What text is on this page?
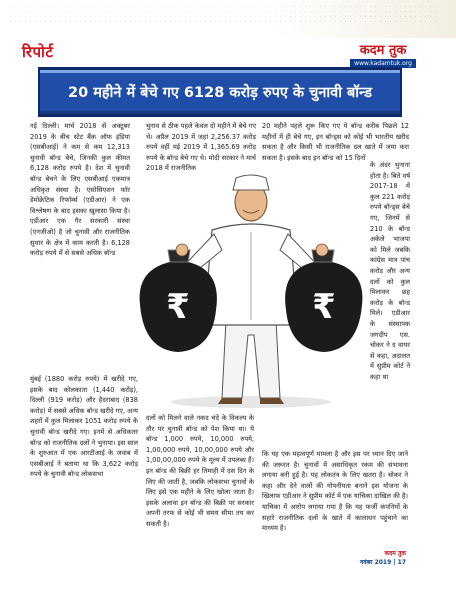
रिपोर्ट	कदम तुक
www.kadamtuk.org
20 महीने में बेचे गए 6128 करोड़ रुपए के चुनावी बॉन्ड

नई दिल्ली। मार्च 2018 से अक्टूबर 2019 के बीच स्टेट बैंक ऑफ इंडिया (एसबीआई) ने कम से कम 12,313 चुनावी बॉन्ड बेचे, जिनकी कुल कीमत 6,128 करोड़ रुपये है। देश में चुनावी बॉन्ड बेचने के लिए एसबीआई एकमात्र अधिकृत संस्था है। एसोसिएशन फॉर डेमोक्रेटिक रिफॉर्म्स (एडीआर) ने एक विश्लेषण के बाद इसका खुलासा किया है। एडीआर एक गैर सरकारी संस्था (एनजीओ) है जो चुनावी और राजनीतिक सुधार के क्षेत्र में काम करती है। 6,128 करोड़ रुपये में से सबसे अधिक बॉन्ड

मुंबई (1880 करोड़ रुपये) में खरीदे गए, इसके बाद कोलकाता (1,440 करोड़), दिल्ली (919 करोड़) और हैदराबाद (838 करोड़) में सबसे अधिक बॉन्ड खरीदे गए, अन्य शहरों में कुल मिलाकर 1051 करोड़ रुपये के चुनावी बॉन्ड खरीदे गए। इनमें से अधिकतर बॉन्ड को राजनीतिक दलों ने भुनाया। इस साल के शुरुआत में एक आरटीआई के जवाब में एसबीआई ने बताया था कि 3,622 करोड़ रुपये के चुनावी बॉन्ड लोकसभा

चुनाव से ठीक पहले केवल दो महीने में बेचे गए थे। अप्रैल 2019 में जहां 2,256.37 करोड़ रुपये वहीं मई 2019 में 1,365.69 करोड़ रुपये के बॉन्ड बेचे गए थे। मोदी सरकार ने मार्च 2018 में राजनीतिक

दलों को मिलने वाले नकद चंदे के विकल्प के तौर पर चुनावी बॉन्ड को पेश किया था। ये बॉन्ड 1,000 रुपये, 10,000 रुपये, 1,00,000 रुपये, 10,00,000 रुपये और 1,00,00,000 रुपये के मूल्य में उपलब्ध हैं। इन बॉन्ड की बिक्री हर तिमाही में दस दिन के लिए की जाती है, जबकि लोकसभा चुनावों के लिए इसे एक महीने के लिए खोला जाता है। इसके अलावा इन बॉन्ड की बिक्री पर सरकार अपनी तरफ से कोई भी समय सीमा तय कर सकती है।

20 महीने पहले शुरू किए गए ये बॉन्ड करीब पिछले 12 महीनों में ही बेचे गए, इन बॉन्ड्स को कोई भी भारतीय खरीद सकता है और किसी भी राजनीतिक दल खाते में जमा करा सकता है। इसके बाद इन बॉन्ड को 15 दिनों

के अंदर भुनाना होता है। बिते वर्ष 2017-18 में कुल 221 करोड़ रुपये बॉन्ड्स बेचे गए, जिनमें से 210 के बॉन्ड अकेले भाजपा को मिले जबकि कांग्रेस मात्र पांच करोड़ और अन्य दलों को कुल मिलाकर छह करोड़ के बॉन्ड मिले। एडीआर के संस्थापक जगदीप एस. चोकर ने द वायर से कहा, अदालत में सुप्रीम कोर्ट ने कहा था

कि यह एक महत्वपूर्ण मामला है और इस पर ध्यान दिए जाने की जरूरत है। चुनावों में असाधिकृत रकम की संभावना लगाया बनी हुई है। यह लोकतंत्र के लिए खतरा है। चोकर ने कहा और देने वालों की गोपनीयता बनाने इस योजना के खिलाफ एडीआर ने सुप्रीम कोर्ट में एक याचिका दाखिल की है। याचिका में आरोप लगाया गया है कि यह फर्जी कंपनियों के सहारे राजनीतिक दलों के खाते में कालाधन पहुंचाने का माध्यम है।

₹	₹
कदम तुक
नवंबर 2019 | 17
